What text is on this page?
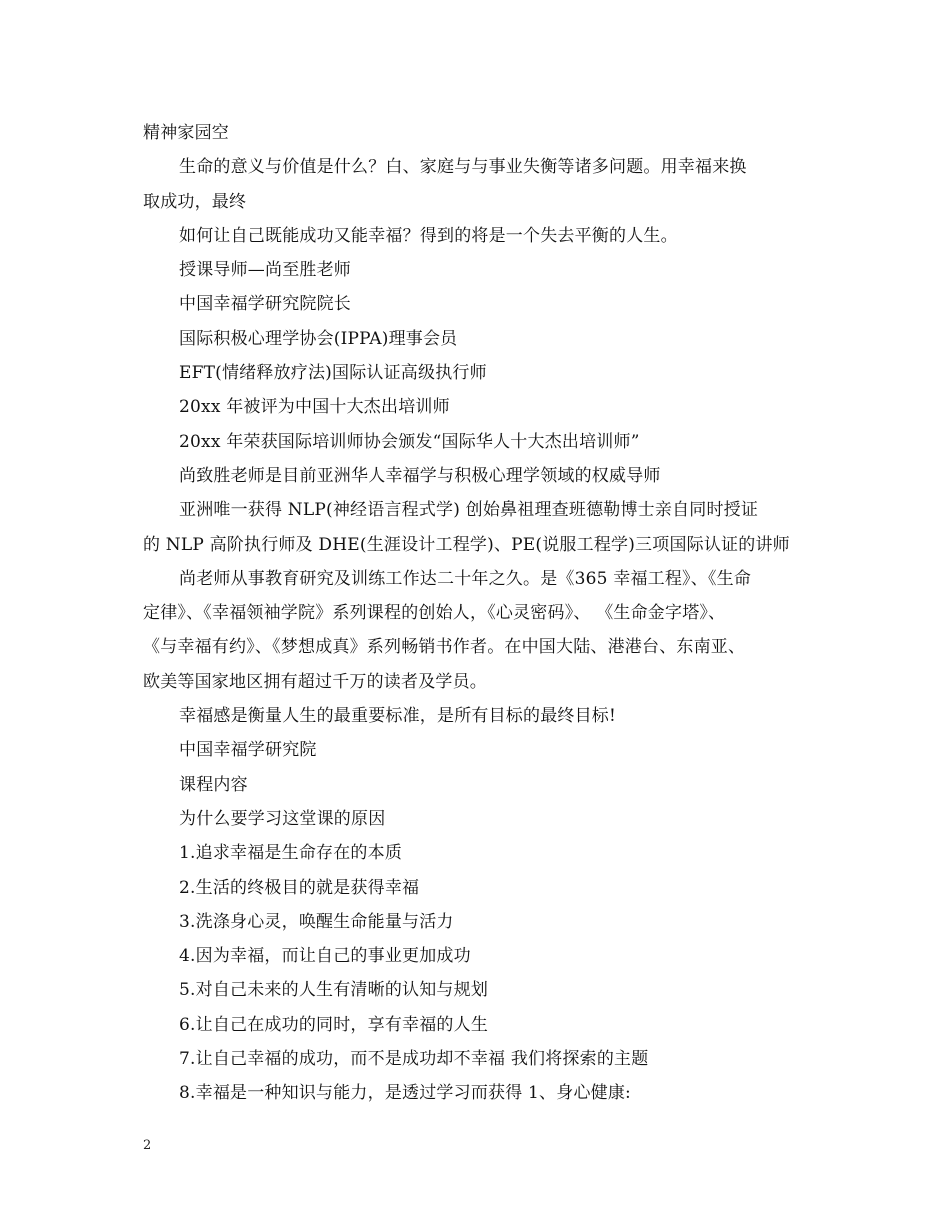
精神家园空
生命的意义与价值是什么？白、家庭与与事业失衡等诸多问题。用幸福来换
取成功，最终
如何让自己既能成功又能幸福？得到的将是一个失去平衡的人生。
授课导师—尚至胜老师
中国幸福学研究院院长
国际积极心理学协会(IPPA)理事会员
EFT(情绪释放疗法)国际认证高级执行师
20xx 年被评为中国十大杰出培训师
20xx 年荣获国际培训师协会颁发“国际华人十大杰出培训师”
尚致胜老师是目前亚洲华人幸福学与积极心理学领域的权威导师
亚洲唯一获得 NLP(神经语言程式学) 创始鼻祖理查班德勒博士亲自同时授证
的 NLP 高阶执行师及 DHE(生涯设计工程学)、PE(说服工程学)三项国际认证的讲师
尚老师从事教育研究及训练工作达二十年之久。是《365 幸福工程》、《生命
定律》、《幸福领袖学院》系列课程的创始人，《心灵密码》、 《生命金字塔》、
《与幸福有约》、《梦想成真》系列畅销书作者。在中国大陆、港港台、东南亚、
欧美等国家地区拥有超过千万的读者及学员。
幸福感是衡量人生的最重要标准，是所有目标的最终目标!
中国幸福学研究院
课程内容
为什么要学习这堂课的原因
1.追求幸福是生命存在的本质
2.生活的终极目的就是获得幸福
3.洗涤身心灵，唤醒生命能量与活力
4.因为幸福，而让自己的事业更加成功
5.对自己未来的人生有清晰的认知与规划
6.让自己在成功的同时，享有幸福的人生
7.让自己幸福的成功，而不是成功却不幸福 我们将探索的主题
8.幸福是一种知识与能力，是透过学习而获得 1、身心健康:
2
